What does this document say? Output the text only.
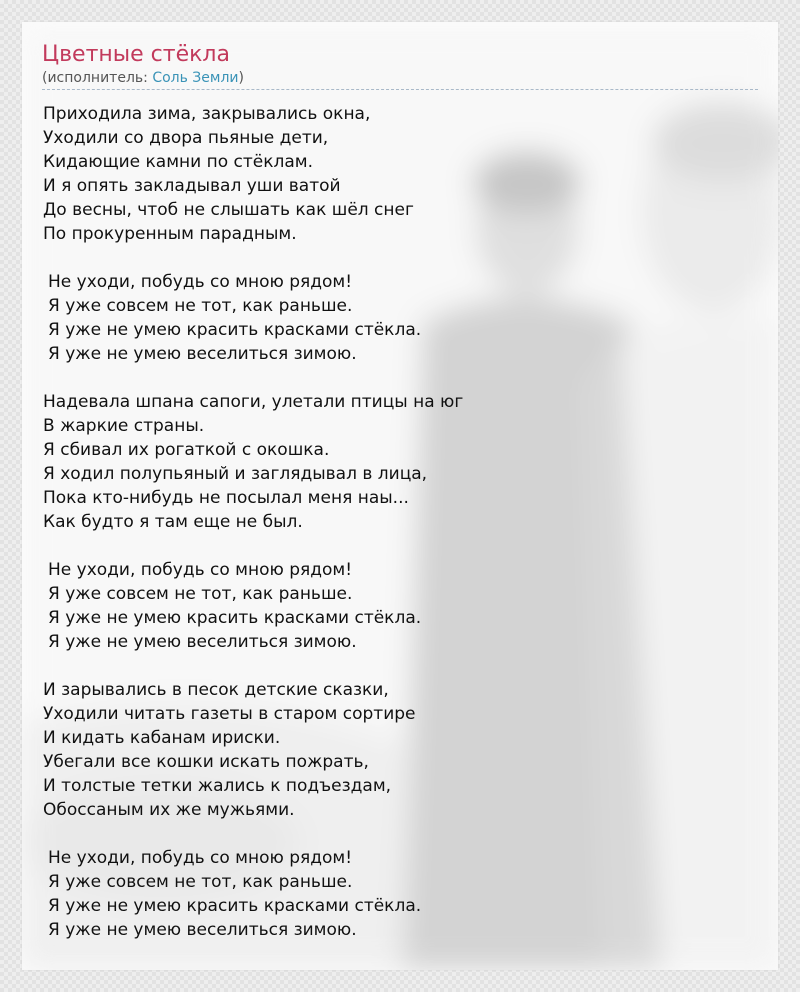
Цветные стёкла
(исполнитель: Соль Земли)
Приходила зима, закрывались окна,
Уходили со двора пьяные дети,
Кидающие камни по стёклам.
И я опять закладывал уши ватой
До весны, чтоб не слышать как шёл снег
По прокуренным парадным.
Не уходи, побудь со мною рядом!
Я уже совсем не тот, как раньше.
Я уже не умею красить красками стёкла.
Я уже не умею веселиться зимою.
Надевала шпана сапоги, улетали птицы на юг
В жаркие страны.
Я сбивал их рогаткой с окошка.
Я ходил полупьяный и заглядывал в лица,
Пока кто-нибудь не посылал меня наы...
Как будто я там еще не был.
Не уходи, побудь со мною рядом!
Я уже совсем не тот, как раньше.
Я уже не умею красить красками стёкла.
Я уже не умею веселиться зимою.
И зарывались в песок детские сказки,
Уходили читать газеты в старом сортире
И кидать кабанам ириски.
Убегали все кошки искать пожрать,
И толстые тетки жались к подъездам,
Обоссаным их же мужьями.
Не уходи, побудь со мною рядом!
Я уже совсем не тот, как раньше.
Я уже не умею красить красками стёкла.
Я уже не умею веселиться зимою.
